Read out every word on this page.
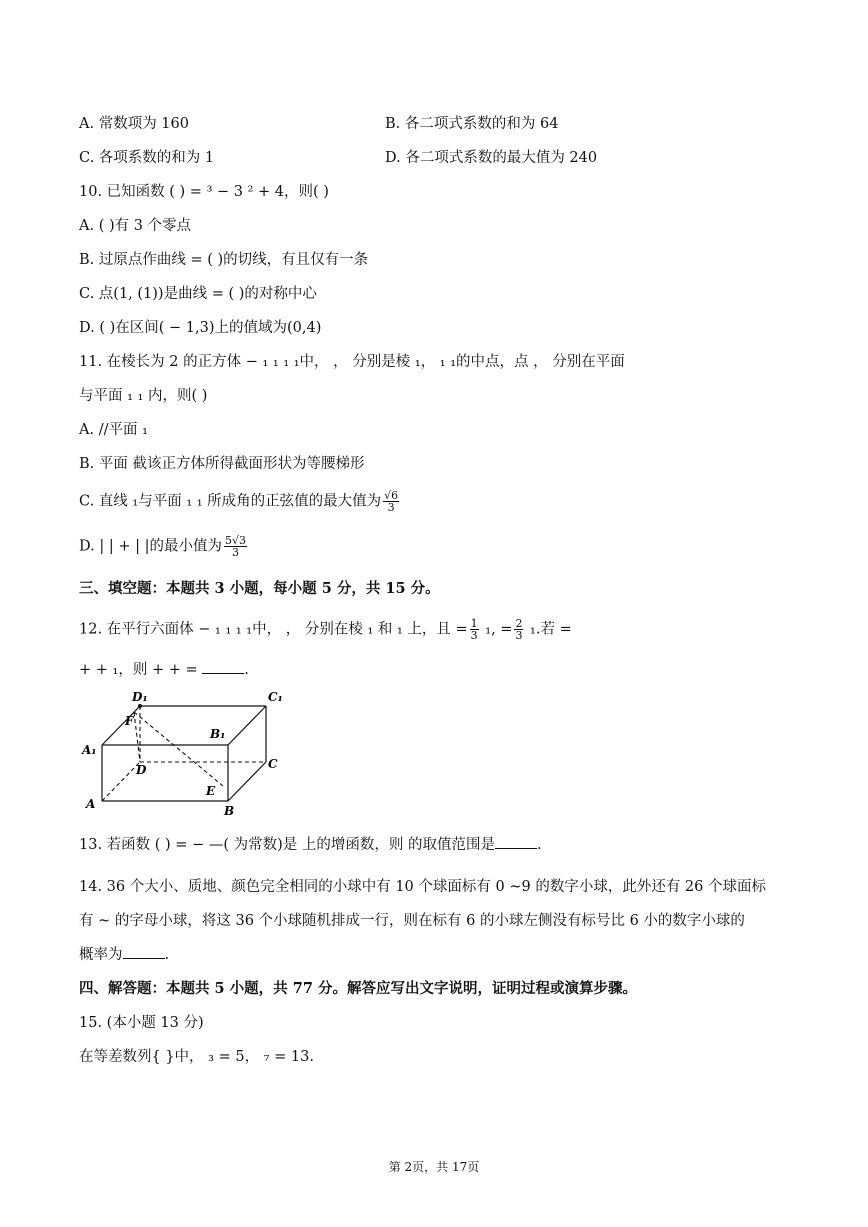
A. 常数项为 160	B. 各二项式系数的和为 64
C. 各项系数的和为 1	D. 各二项式系数的最大值为 240
10. 已知函数 ( ) = ³ − 3 ² + 4，则( )
A. ( )有 3 个零点
B. 过原点作曲线 = ( )的切线，有且仅有一条
C. 点(1, (1))是曲线 = ( )的对称中心
D. ( )在区间( − 1,3)上的值域为(0,4)
11. 在棱长为 2 的正方体 − ₁ ₁ ₁ ₁中， ， 分别是棱 ₁， ₁ ₁的中点，点 ， 分别在平面
与平面 ₁ ₁ 内，则( )
A. //平面 ₁
B. 平面 截该正方体所得截面形状为等腰梯形
C. 直线 ₁与平面 ₁ ₁ 所成角的正弦值的最大值为 $\frac{√6}{3}$
D. | | + | |的最小值为 $\frac{5√3}{3}$
三、填空题：本题共 3 小题，每小题 5 分，共 15 分。
12. 在平行六面体 − ₁ ₁ ₁ ₁中， ， 分别在棱 ₁ 和 ₁ 上，且 = $\frac{1}{3} _1$, = $\frac{2}{3} _1$.若 =
+ + ₁，则 + + =	.
D₁	C₁
F
B₁
A₁
D	C
E
A	B
13. 若函数 ( ) = − —( 为常数)是 上的增函数，则 的取值范围是	.
14. 36 个大小、质地、颜色完全相同的小球中有 10 个球面标有 0 ~9 的数字小球，此外还有 26 个球面标
有 ~ 的字母小球，将这 36 个小球随机排成一行，则在标有 6 的小球左侧没有标号比 6 小的数字小球的
概率为	.
四、解答题：本题共 5 小题，共 77 分。解答应写出文字说明，证明过程或演算步骤。
15. (本小题 13 分)
在等差数列{ }中， ₃ = 5， ₇ = 13.
第 2页，共 17页
